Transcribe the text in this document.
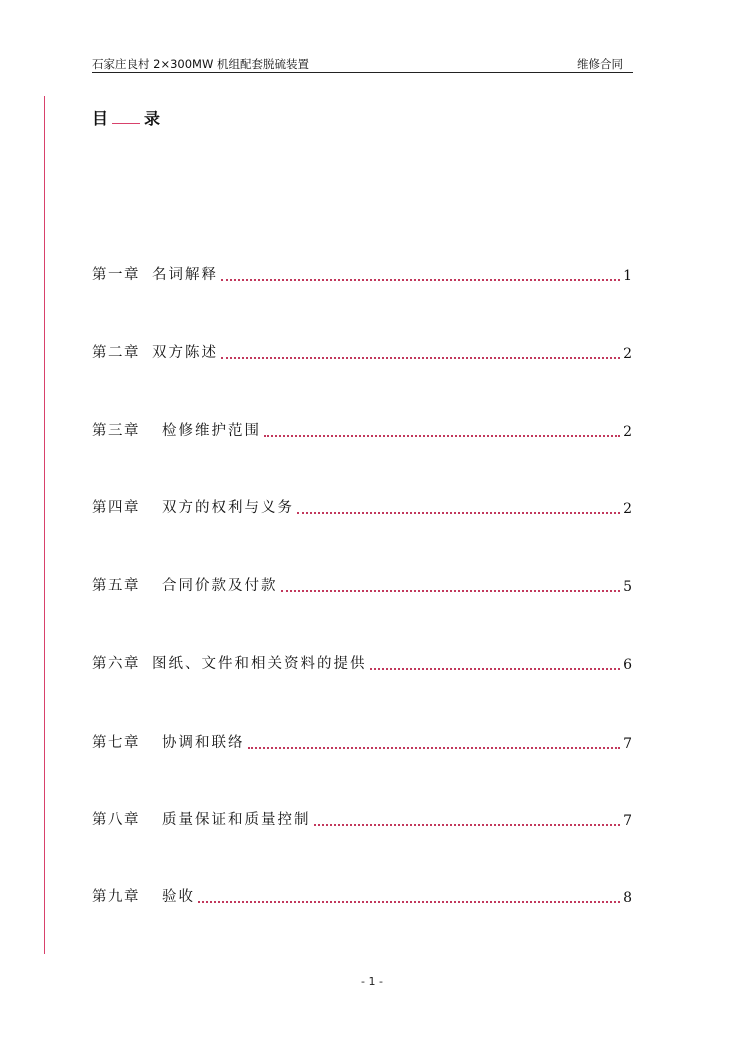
石家庄良村 2×300MW 机组配套脱硫装置	维修合同
目 录
第一章 名词解释	1
第二章 双方陈述	2
第三章 检修维护范围	2
第四章 双方的权利与义务	2
第五章 合同价款及付款	5
第六章 图纸、文件和相关资料的提供	6
第七章 协调和联络	7
第八章 质量保证和质量控制	7
第九章 验收	8
- 1 -
